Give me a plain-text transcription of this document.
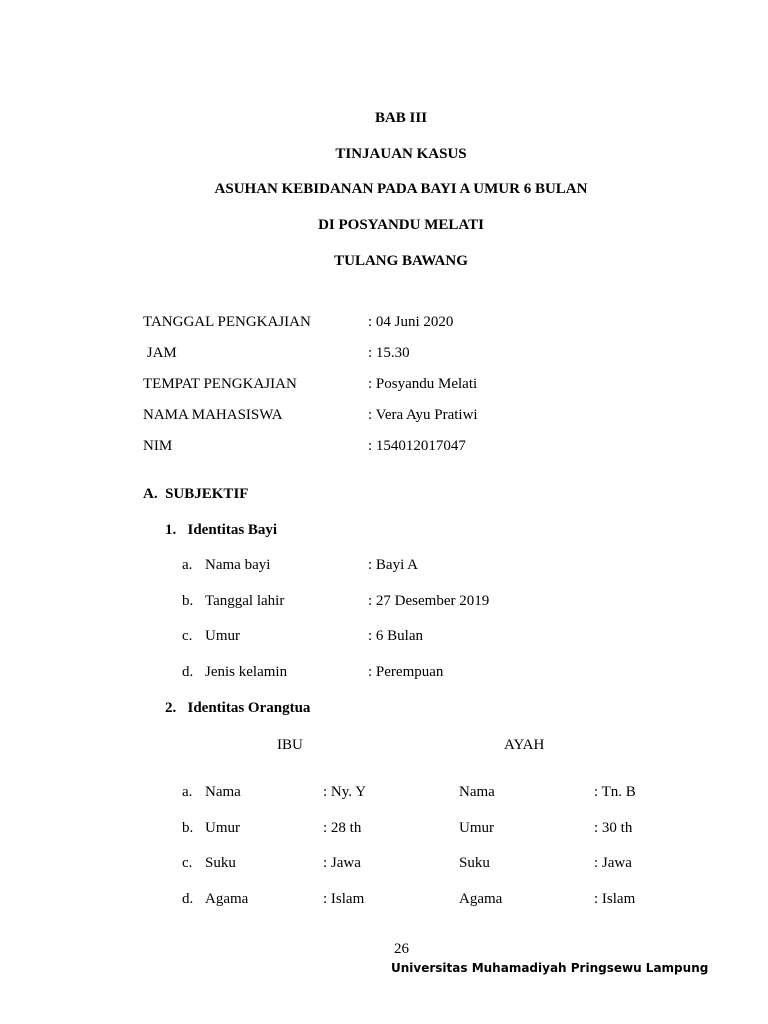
BAB III
TINJAUAN KASUS
ASUHAN KEBIDANAN PADA BAYI A UMUR 6 BULAN
DI POSYANDU MELATI
TULANG BAWANG
TANGGAL PENGKAJIAN	: 04 Juni 2020
JAM	: 15.30
TEMPAT PENGKAJIAN	: Posyandu Melati
NAMA MAHASISWA	: Vera Ayu Pratiwi
NIM	: 154012017047
A.  SUBJEKTIF
1.   Identitas Bayi
a. Nama bayi	: Bayi A
b. Tanggal lahir	: 27 Desember 2019
c. Umur	: 6 Bulan
d. Jenis kelamin	: Perempuan
2.   Identitas Orangtua
IBU	AYAH
a. Nama	: Ny. Y	Nama	: Tn. B
b. Umur	: 28 th	Umur	: 30 th
c. Suku	: Jawa	Suku	: Jawa
d. Agama	: Islam	Agama	: Islam
26
Universitas Muhamadiyah Pringsewu Lampung
